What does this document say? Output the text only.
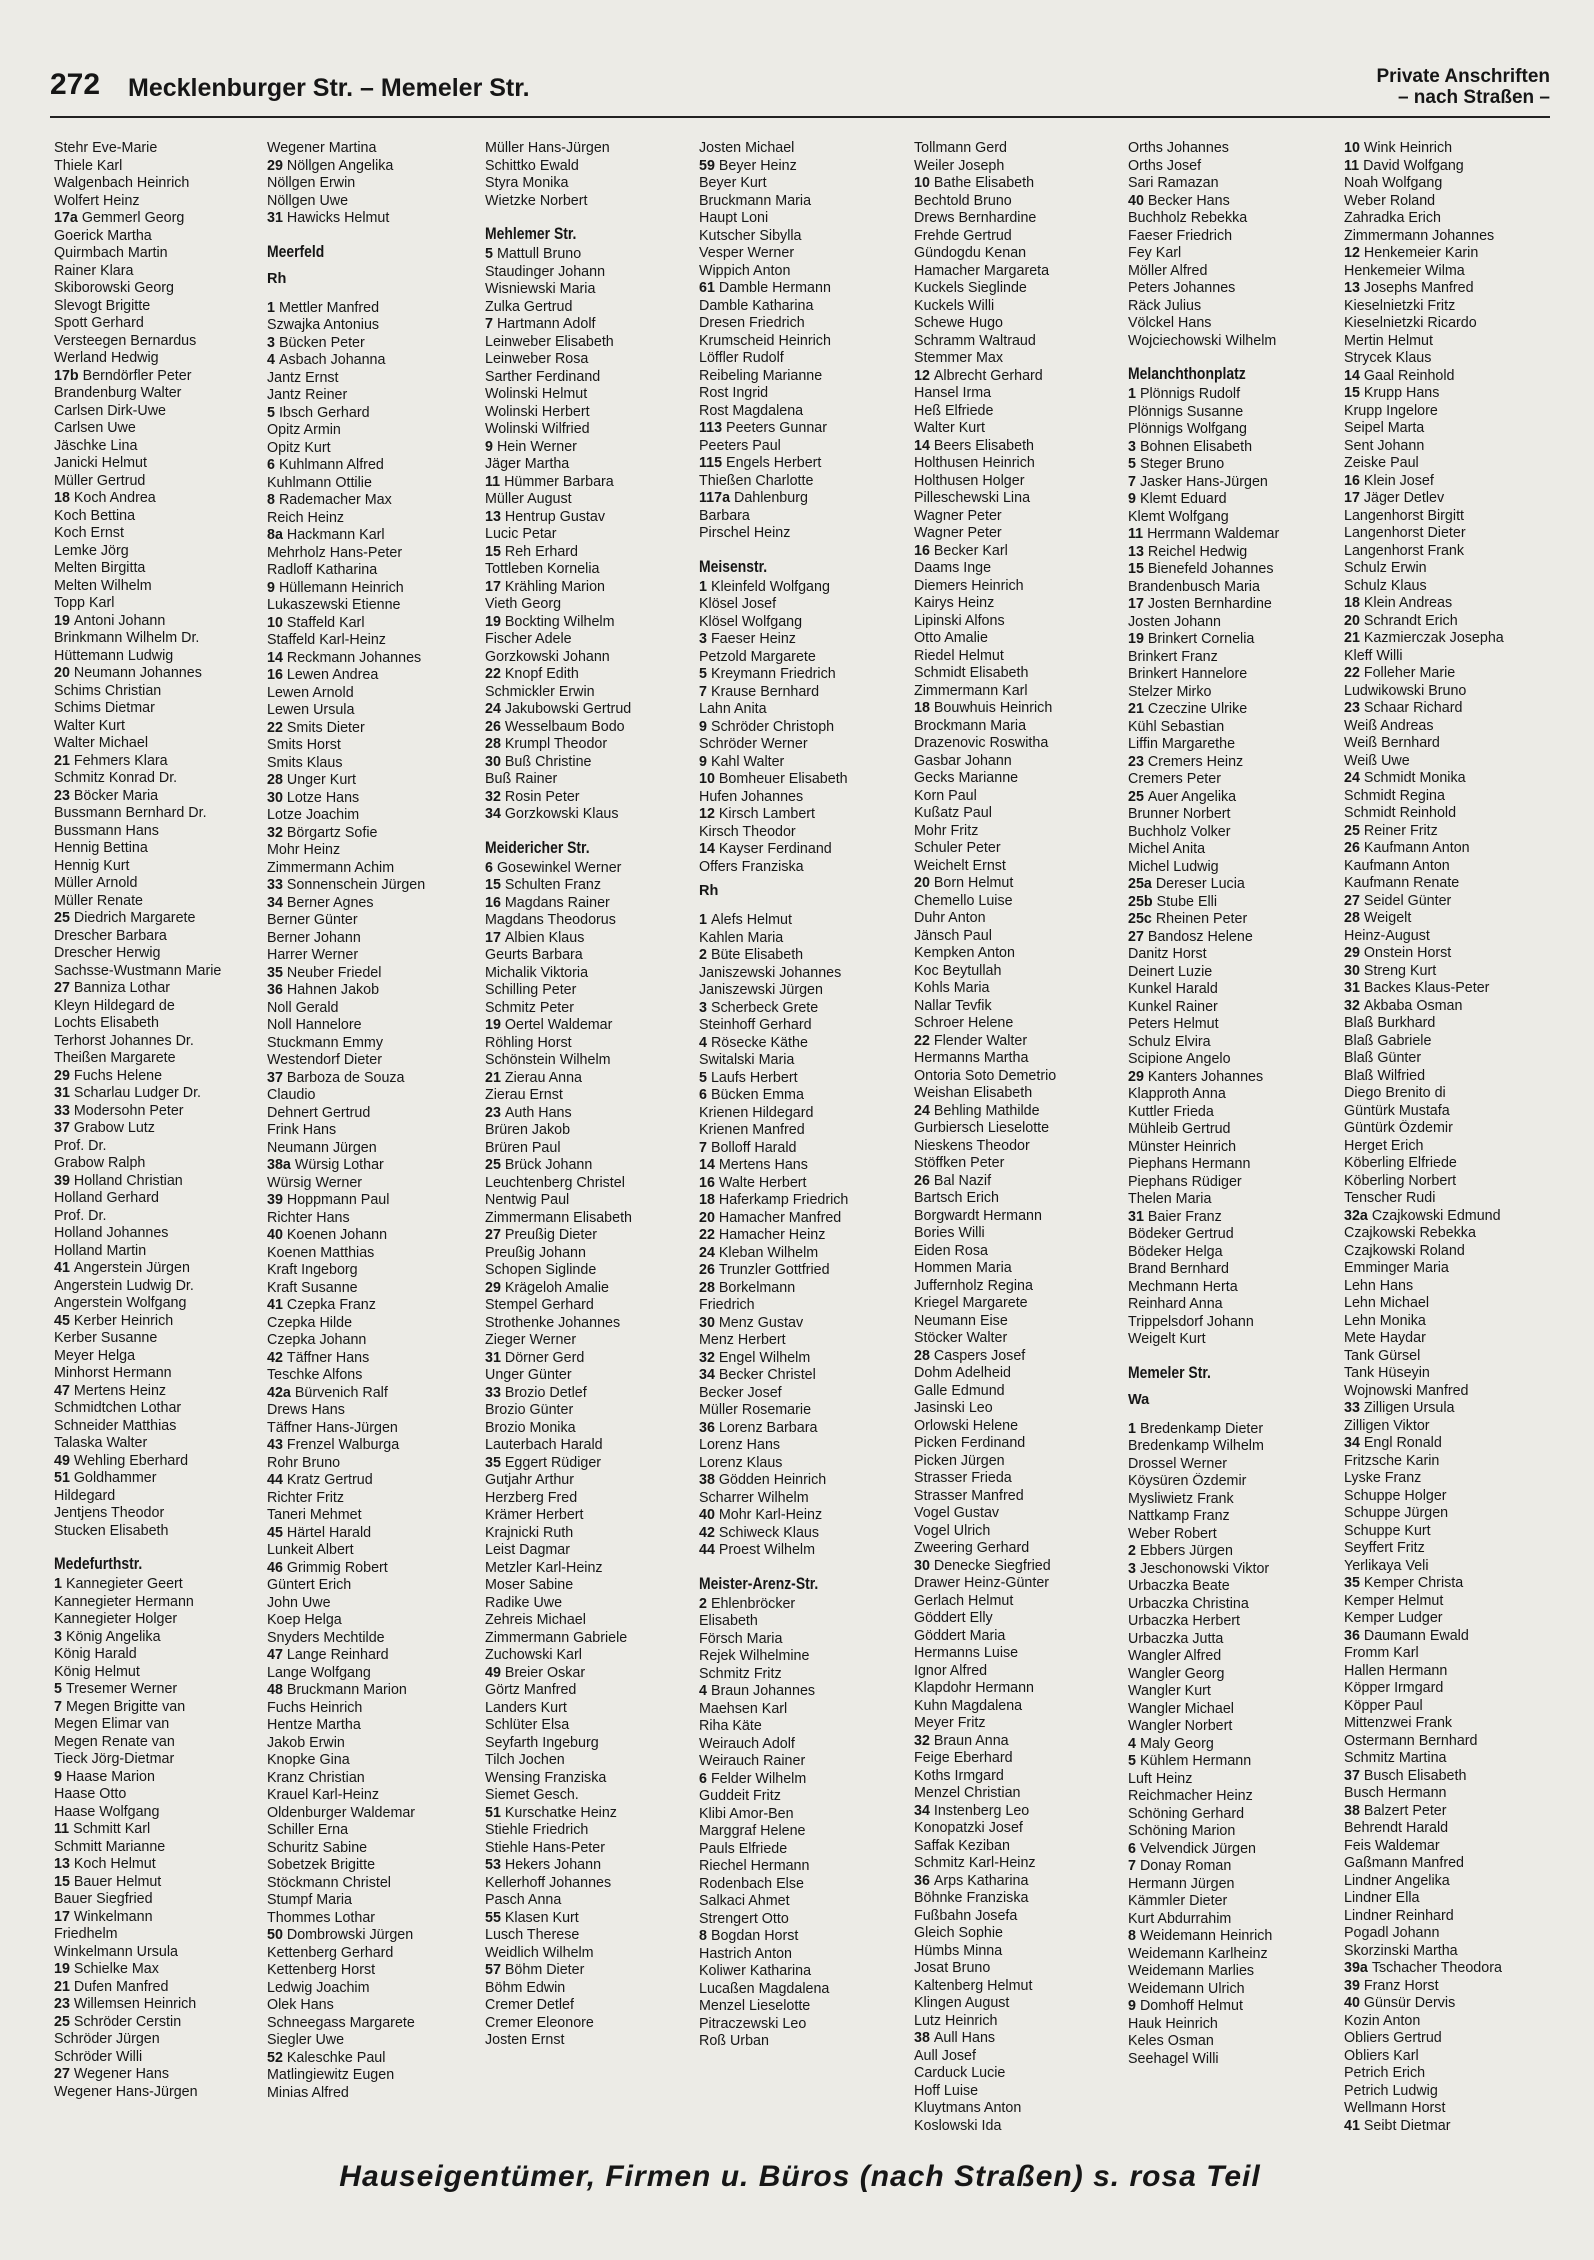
272 Mecklenburger Str. – Memeler Str.	Private Anschriften
– nach Straßen –
Stehr Eve-Marie
Thiele Karl
Walgenbach Heinrich
Wolfert Heinz
17a Gemmerl Georg
Goerick Martha
Quirmbach Martin
Rainer Klara
Skiborowski Georg
Slevogt Brigitte
Spott Gerhard
Versteegen Bernardus
Werland Hedwig
17b Berndörfler Peter
Brandenburg Walter
Carlsen Dirk-Uwe
Carlsen Uwe
Jäschke Lina
Janicki Helmut
Müller Gertrud
18 Koch Andrea
Koch Bettina
Koch Ernst
Lemke Jörg
Melten Birgitta
Melten Wilhelm
Topp Karl
19 Antoni Johann
Brinkmann Wilhelm Dr.
Hüttemann Ludwig
20 Neumann Johannes
Schims Christian
Schims Dietmar
Walter Kurt
Walter Michael
21 Fehmers Klara
Schmitz Konrad Dr.
23 Böcker Maria
Bussmann Bernhard Dr.
Bussmann Hans
Hennig Bettina
Hennig Kurt
Müller Arnold
Müller Renate
25 Diedrich Margarete
Drescher Barbara
Drescher Herwig
Sachsse-Wustmann Marie
27 Banniza Lothar
Kleyn Hildegard de
Lochts Elisabeth
Terhorst Johannes Dr.
Theißen Margarete
29 Fuchs Helene
31 Scharlau Ludger Dr.
33 Modersohn Peter
37 Grabow Lutz
Prof. Dr.
Grabow Ralph
39 Holland Christian
Holland Gerhard
Prof. Dr.
Holland Johannes
Holland Martin
41 Angerstein Jürgen
Angerstein Ludwig Dr.
Angerstein Wolfgang
45 Kerber Heinrich
Kerber Susanne
Meyer Helga
Minhorst Hermann
47 Mertens Heinz
Schmidtchen Lothar
Schneider Matthias
Talaska Walter
49 Wehling Eberhard
51 Goldhammer
Hildegard
Jentjens Theodor
Stucken Elisabeth
Medefurthstr.
1 Kannegieter Geert
Kannegieter Hermann
Kannegieter Holger
3 König Angelika
König Harald
König Helmut
5 Tresemer Werner
7 Megen Brigitte van
Megen Elimar van
Megen Renate van
Tieck Jörg-Dietmar
9 Haase Marion
Haase Otto
Haase Wolfgang
11 Schmitt Karl
Schmitt Marianne
13 Koch Helmut
15 Bauer Helmut
Bauer Siegfried
17 Winkelmann
Friedhelm
Winkelmann Ursula
19 Schielke Max
21 Dufen Manfred
23 Willemsen Heinrich
25 Schröder Cerstin
Schröder Jürgen
Schröder Willi
27 Wegener Hans
Wegener Hans-Jürgen
Wegener Martina
29 Nöllgen Angelika
Nöllgen Erwin
Nöllgen Uwe
31 Hawicks Helmut
Meerfeld
Rh
1 Mettler Manfred
Szwajka Antonius
3 Bücken Peter
4 Asbach Johanna
Jantz Ernst
Jantz Reiner
5 Ibsch Gerhard
Opitz Armin
Opitz Kurt
6 Kuhlmann Alfred
Kuhlmann Ottilie
8 Rademacher Max
Reich Heinz
8a Hackmann Karl
Mehrholz Hans-Peter
Radloff Katharina
9 Hüllemann Heinrich
Lukaszewski Etienne
10 Staffeld Karl
Staffeld Karl-Heinz
14 Reckmann Johannes
16 Lewen Andrea
Lewen Arnold
Lewen Ursula
22 Smits Dieter
Smits Horst
Smits Klaus
28 Unger Kurt
30 Lotze Hans
Lotze Joachim
32 Börgartz Sofie
Mohr Heinz
Zimmermann Achim
33 Sonnenschein Jürgen
34 Berner Agnes
Berner Günter
Berner Johann
Harrer Werner
35 Neuber Friedel
36 Hahnen Jakob
Noll Gerald
Noll Hannelore
Stuckmann Emmy
Westendorf Dieter
37 Barboza de Souza
Claudio
Dehnert Gertrud
Frink Hans
Neumann Jürgen
38a Würsig Lothar
Würsig Werner
39 Hoppmann Paul
Richter Hans
40 Koenen Johann
Koenen Matthias
Kraft Ingeborg
Kraft Susanne
41 Czepka Franz
Czepka Hilde
Czepka Johann
42 Täffner Hans
Teschke Alfons
42a Bürvenich Ralf
Drews Hans
Täffner Hans-Jürgen
43 Frenzel Walburga
Rohr Bruno
44 Kratz Gertrud
Richter Fritz
Taneri Mehmet
45 Härtel Harald
Lunkeit Albert
46 Grimmig Robert
Güntert Erich
John Uwe
Koep Helga
Snyders Mechtilde
47 Lange Reinhard
Lange Wolfgang
48 Bruckmann Marion
Fuchs Heinrich
Hentze Martha
Jakob Erwin
Knopke Gina
Kranz Christian
Krauel Karl-Heinz
Oldenburger Waldemar
Schiller Erna
Schuritz Sabine
Sobetzek Brigitte
Stöckmann Christel
Stumpf Maria
Thommes Lothar
50 Dombrowski Jürgen
Kettenberg Gerhard
Kettenberg Horst
Ledwig Joachim
Olek Hans
Schneegass Margarete
Siegler Uwe
52 Kaleschke Paul
Matlingiewitz Eugen
Minias Alfred
Müller Hans-Jürgen
Schittko Ewald
Styra Monika
Wietzke Norbert
Mehlemer Str.
5 Mattull Bruno
Staudinger Johann
Wisniewski Maria
Zulka Gertrud
7 Hartmann Adolf
Leinweber Elisabeth
Leinweber Rosa
Sarther Ferdinand
Wolinski Helmut
Wolinski Herbert
Wolinski Wilfried
9 Hein Werner
Jäger Martha
11 Hümmer Barbara
Müller August
13 Hentrup Gustav
Lucic Petar
15 Reh Erhard
Tottleben Kornelia
17 Krähling Marion
Vieth Georg
19 Bockting Wilhelm
Fischer Adele
Gorzkowski Johann
22 Knopf Edith
Schmickler Erwin
24 Jakubowski Gertrud
26 Wesselbaum Bodo
28 Krumpl Theodor
30 Buß Christine
Buß Rainer
32 Rosin Peter
34 Gorzkowski Klaus
Meidericher Str.
6 Gosewinkel Werner
15 Schulten Franz
16 Magdans Rainer
Magdans Theodorus
17 Albien Klaus
Geurts Barbara
Michalik Viktoria
Schilling Peter
Schmitz Peter
19 Oertel Waldemar
Röhling Horst
Schönstein Wilhelm
21 Zierau Anna
Zierau Ernst
23 Auth Hans
Brüren Jakob
Brüren Paul
25 Brück Johann
Leuchtenberg Christel
Nentwig Paul
Zimmermann Elisabeth
27 Preußig Dieter
Preußig Johann
Schopen Siglinde
29 Krägeloh Amalie
Stempel Gerhard
Strothenke Johannes
Zieger Werner
31 Dörner Gerd
Unger Günter
33 Brozio Detlef
Brozio Günter
Brozio Monika
Lauterbach Harald
35 Eggert Rüdiger
Gutjahr Arthur
Herzberg Fred
Krämer Herbert
Krajnicki Ruth
Leist Dagmar
Metzler Karl-Heinz
Moser Sabine
Radike Uwe
Zehreis Michael
Zimmermann Gabriele
Zuchowski Karl
49 Breier Oskar
Görtz Manfred
Landers Kurt
Schlüter Elsa
Seyfarth Ingeburg
Tilch Jochen
Wensing Franziska
Siemet Gesch.
51 Kurschatke Heinz
Stiehle Friedrich
Stiehle Hans-Peter
53 Hekers Johann
Kellerhoff Johannes
Pasch Anna
55 Klasen Kurt
Lusch Therese
Weidlich Wilhelm
57 Böhm Dieter
Böhm Edwin
Cremer Detlef
Cremer Eleonore
Josten Ernst
Josten Michael
59 Beyer Heinz
Beyer Kurt
Bruckmann Maria
Haupt Loni
Kutscher Sibylla
Vesper Werner
Wippich Anton
61 Damble Hermann
Damble Katharina
Dresen Friedrich
Krumscheid Heinrich
Löffler Rudolf
Reibeling Marianne
Rost Ingrid
Rost Magdalena
113 Peeters Gunnar
Peeters Paul
115 Engels Herbert
Thießen Charlotte
117a Dahlenburg
Barbara
Pirschel Heinz
Meisenstr.
1 Kleinfeld Wolfgang
Klösel Josef
Klösel Wolfgang
3 Faeser Heinz
Petzold Margarete
5 Kreymann Friedrich
7 Krause Bernhard
Lahn Anita
9 Schröder Christoph
Schröder Werner
9 Kahl Walter
10 Bomheuer Elisabeth
Hufen Johannes
12 Kirsch Lambert
Kirsch Theodor
14 Kayser Ferdinand
Offers Franziska
Rh
1 Alefs Helmut
Kahlen Maria
2 Büte Elisabeth
Janiszewski Johannes
Janiszewski Jürgen
3 Scherbeck Grete
Steinhoff Gerhard
4 Rösecke Käthe
Switalski Maria
5 Laufs Herbert
6 Bücken Emma
Krienen Hildegard
Krienen Manfred
7 Bolloff Harald
14 Mertens Hans
16 Walte Herbert
18 Haferkamp Friedrich
20 Hamacher Manfred
22 Hamacher Heinz
24 Kleban Wilhelm
26 Trunzler Gottfried
28 Borkelmann
Friedrich
30 Menz Gustav
Menz Herbert
32 Engel Wilhelm
34 Becker Christel
Becker Josef
Müller Rosemarie
36 Lorenz Barbara
Lorenz Hans
Lorenz Klaus
38 Gödden Heinrich
Scharrer Wilhelm
40 Mohr Karl-Heinz
42 Schiweck Klaus
44 Proest Wilhelm
Meister-Arenz-Str.
2 Ehlenbröcker
Elisabeth
Försch Maria
Rejek Wilhelmine
Schmitz Fritz
4 Braun Johannes
Maehsen Karl
Riha Käte
Weirauch Adolf
Weirauch Rainer
6 Felder Wilhelm
Guddeit Fritz
Klibi Amor-Ben
Marggraf Helene
Pauls Elfriede
Riechel Hermann
Rodenbach Else
Salkaci Ahmet
Strengert Otto
8 Bogdan Horst
Hastrich Anton
Koliwer Katharina
Lucaßen Magdalena
Menzel Lieselotte
Pitraczewski Leo
Roß Urban
Tollmann Gerd
Weiler Joseph
10 Bathe Elisabeth
Bechtold Bruno
Drews Bernhardine
Frehde Gertrud
Gündogdu Kenan
Hamacher Margareta
Kuckels Sieglinde
Kuckels Willi
Schewe Hugo
Schramm Waltraud
Stemmer Max
12 Albrecht Gerhard
Hansel Irma
Heß Elfriede
Walter Kurt
14 Beers Elisabeth
Holthusen Heinrich
Holthusen Holger
Pilleschewski Lina
Wagner Peter
Wagner Peter
16 Becker Karl
Daams Inge
Diemers Heinrich
Kairys Heinz
Lipinski Alfons
Otto Amalie
Riedel Helmut
Schmidt Elisabeth
Zimmermann Karl
18 Bouwhuis Heinrich
Brockmann Maria
Drazenovic Roswitha
Gasbar Johann
Gecks Marianne
Korn Paul
Kußatz Paul
Mohr Fritz
Schuler Peter
Weichelt Ernst
20 Born Helmut
Chemello Luise
Duhr Anton
Jänsch Paul
Kempken Anton
Koc Beytullah
Kohls Maria
Nallar Tevfik
Schroer Helene
22 Flender Walter
Hermanns Martha
Ontoria Soto Demetrio
Weishan Elisabeth
24 Behling Mathilde
Gurbiersch Lieselotte
Nieskens Theodor
Stöffken Peter
26 Bal Nazif
Bartsch Erich
Borgwardt Hermann
Bories Willi
Eiden Rosa
Hommen Maria
Juffernholz Regina
Kriegel Margarete
Neumann Eise
Stöcker Walter
28 Caspers Josef
Dohm Adelheid
Galle Edmund
Jasinski Leo
Orlowski Helene
Picken Ferdinand
Picken Jürgen
Strasser Frieda
Strasser Manfred
Vogel Gustav
Vogel Ulrich
Zweering Gerhard
30 Denecke Siegfried
Drawer Heinz-Günter
Gerlach Helmut
Göddert Elly
Göddert Maria
Hermanns Luise
Ignor Alfred
Klapdohr Hermann
Kuhn Magdalena
Meyer Fritz
32 Braun Anna
Feige Eberhard
Koths Irmgard
Menzel Christian
34 Instenberg Leo
Konopatzki Josef
Saffak Keziban
Schmitz Karl-Heinz
36 Arps Katharina
Böhnke Franziska
Fußbahn Josefa
Gleich Sophie
Hümbs Minna
Josat Bruno
Kaltenberg Helmut
Klingen August
Lutz Heinrich
38 Aull Hans
Aull Josef
Carduck Lucie
Hoff Luise
Kluytmans Anton
Koslowski Ida
Orths Johannes
Orths Josef
Sari Ramazan
40 Becker Hans
Buchholz Rebekka
Faeser Friedrich
Fey Karl
Möller Alfred
Peters Johannes
Räck Julius
Völckel Hans
Wojciechowski Wilhelm
Melanchthonplatz
1 Plönnigs Rudolf
Plönnigs Susanne
Plönnigs Wolfgang
3 Bohnen Elisabeth
5 Steger Bruno
7 Jasker Hans-Jürgen
9 Klemt Eduard
Klemt Wolfgang
11 Herrmann Waldemar
13 Reichel Hedwig
15 Bienefeld Johannes
Brandenbusch Maria
17 Josten Bernhardine
Josten Johann
19 Brinkert Cornelia
Brinkert Franz
Brinkert Hannelore
Stelzer Mirko
21 Czeczine Ulrike
Kühl Sebastian
Liffin Margarethe
23 Cremers Heinz
Cremers Peter
25 Auer Angelika
Brunner Norbert
Buchholz Volker
Michel Anita
Michel Ludwig
25a Dereser Lucia
25b Stube Elli
25c Rheinen Peter
27 Bandosz Helene
Danitz Horst
Deinert Luzie
Kunkel Harald
Kunkel Rainer
Peters Helmut
Schulz Elvira
Scipione Angelo
29 Kanters Johannes
Klapproth Anna
Kuttler Frieda
Mühleib Gertrud
Münster Heinrich
Piephans Hermann
Piephans Rüdiger
Thelen Maria
31 Baier Franz
Bödeker Gertrud
Bödeker Helga
Brand Bernhard
Mechmann Herta
Reinhard Anna
Trippelsdorf Johann
Weigelt Kurt
Memeler Str.
Wa
1 Bredenkamp Dieter
Bredenkamp Wilhelm
Drossel Werner
Köysüren Özdemir
Mysliwietz Frank
Nattkamp Franz
Weber Robert
2 Ebbers Jürgen
3 Jeschonowski Viktor
Urbaczka Beate
Urbaczka Christina
Urbaczka Herbert
Urbaczka Jutta
Wangler Alfred
Wangler Georg
Wangler Kurt
Wangler Michael
Wangler Norbert
4 Maly Georg
5 Kühlem Hermann
Luft Heinz
Reichmacher Heinz
Schöning Gerhard
Schöning Marion
6 Velvendick Jürgen
7 Donay Roman
Hermann Jürgen
Kämmler Dieter
Kurt Abdurrahim
8 Weidemann Heinrich
Weidemann Karlheinz
Weidemann Marlies
Weidemann Ulrich
9 Domhoff Helmut
Hauk Heinrich
Keles Osman
Seehagel Willi
10 Wink Heinrich
11 David Wolfgang
Noah Wolfgang
Weber Roland
Zahradka Erich
Zimmermann Johannes
12 Henkemeier Karin
Henkemeier Wilma
13 Josephs Manfred
Kieselnietzki Fritz
Kieselnietzki Ricardo
Mertin Helmut
Strycek Klaus
14 Gaal Reinhold
15 Krupp Hans
Krupp Ingelore
Seipel Marta
Sent Johann
Zeiske Paul
16 Klein Josef
17 Jäger Detlev
Langenhorst Birgitt
Langenhorst Dieter
Langenhorst Frank
Schulz Erwin
Schulz Klaus
18 Klein Andreas
20 Schrandt Erich
21 Kazmierczak Josepha
Kleff Willi
22 Folleher Marie
Ludwikowski Bruno
23 Schaar Richard
Weiß Andreas
Weiß Bernhard
Weiß Uwe
24 Schmidt Monika
Schmidt Regina
Schmidt Reinhold
25 Reiner Fritz
26 Kaufmann Anton
Kaufmann Anton
Kaufmann Renate
27 Seidel Günter
28 Weigelt
Heinz-August
29 Onstein Horst
30 Streng Kurt
31 Backes Klaus-Peter
32 Akbaba Osman
Blaß Burkhard
Blaß Gabriele
Blaß Günter
Blaß Wilfried
Diego Brenito di
Güntürk Mustafa
Güntürk Özdemir
Herget Erich
Köberling Elfriede
Köberling Norbert
Tenscher Rudi
32a Czajkowski Edmund
Czajkowski Rebekka
Czajkowski Roland
Emminger Maria
Lehn Hans
Lehn Michael
Lehn Monika
Mete Haydar
Tank Gürsel
Tank Hüseyin
Wojnowski Manfred
33 Zilligen Ursula
Zilligen Viktor
34 Engl Ronald
Fritzsche Karin
Lyske Franz
Schuppe Holger
Schuppe Jürgen
Schuppe Kurt
Seyffert Fritz
Yerlikaya Veli
35 Kemper Christa
Kemper Helmut
Kemper Ludger
36 Daumann Ewald
Fromm Karl
Hallen Hermann
Köpper Irmgard
Köpper Paul
Mittenzwei Frank
Ostermann Bernhard
Schmitz Martina
37 Busch Elisabeth
Busch Hermann
38 Balzert Peter
Behrendt Harald
Feis Waldemar
Gaßmann Manfred
Lindner Angelika
Lindner Ella
Lindner Reinhard
Pogadl Johann
Skorzinski Martha
39a Tschacher Theodora
39 Franz Horst
40 Günsür Dervis
Kozin Anton
Obliers Gertrud
Obliers Karl
Petrich Erich
Petrich Ludwig
Wellmann Horst
41 Seibt Dietmar
Hauseigentümer, Firmen u. Büros (nach Straßen) s. rosa Teil
